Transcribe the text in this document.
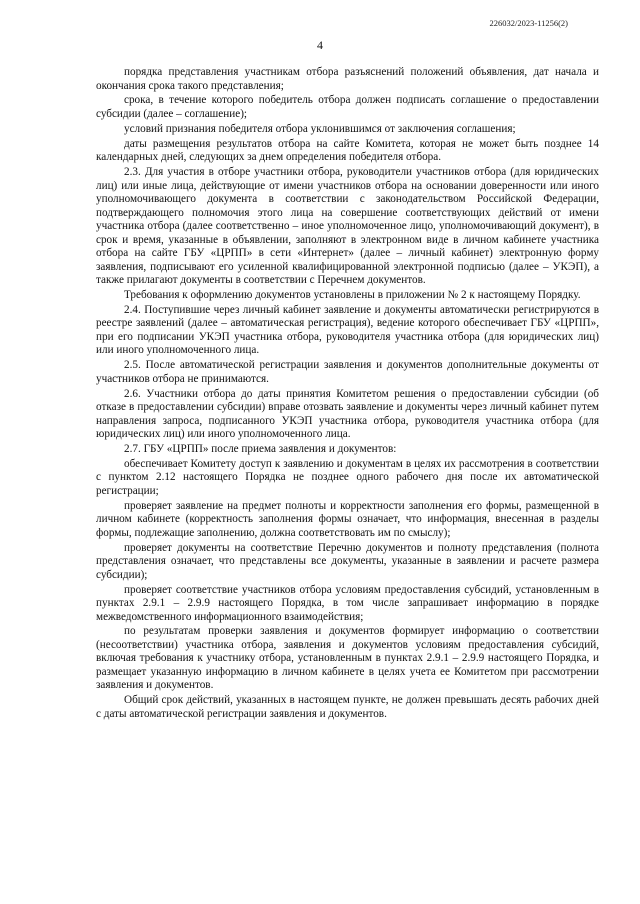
226032/2023-11256(2)
4

порядка представления участникам отбора разъяснений положений объявления, дат начала и окончания срока такого представления;

срока, в течение которого победитель отбора должен подписать соглашение о предоставлении субсидии (далее – соглашение);

условий признания победителя отбора уклонившимся от заключения соглашения;

даты размещения результатов отбора на сайте Комитета, которая не может быть позднее 14 календарных дней, следующих за днем определения победителя отбора.

2.3. Для участия в отборе участники отбора, руководители участников отбора (для юридических лиц) или иные лица, действующие от имени участников отбора на основании доверенности или иного уполномочивающего документа в соответствии с законодательством Российской Федерации, подтверждающего полномочия этого лица на совершение соответствующих действий от имени участника отбора (далее соответственно – иное уполномоченное лицо, уполномочивающий документ), в срок и время, указанные в объявлении, заполняют в электронном виде в личном кабинете участника отбора на сайте ГБУ «ЦРПП» в сети «Интернет» (далее – личный кабинет) электронную форму заявления, подписывают его усиленной квалифицированной электронной подписью (далее – УКЭП), а также прилагают документы в соответствии с Перечнем документов.

Требования к оформлению документов установлены в приложении № 2 к настоящему Порядку.

2.4. Поступившие через личный кабинет заявление и документы автоматически регистрируются в реестре заявлений (далее – автоматическая регистрация), ведение которого обеспечивает ГБУ «ЦРПП», при его подписании УКЭП участника отбора, руководителя участника отбора (для юридических лиц) или иного уполномоченного лица.

2.5. После автоматической регистрации заявления и документов дополнительные документы от участников отбора не принимаются.

2.6. Участники отбора до даты принятия Комитетом решения о предоставлении субсидии (об отказе в предоставлении субсидии) вправе отозвать заявление и документы через личный кабинет путем направления запроса, подписанного УКЭП участника отбора, руководителя участника отбора (для юридических лиц) или иного уполномоченного лица.

2.7. ГБУ «ЦРПП» после приема заявления и документов:

обеспечивает Комитету доступ к заявлению и документам в целях их рассмотрения в соответствии с пунктом 2.12 настоящего Порядка не позднее одного рабочего дня после их автоматической регистрации;

проверяет заявление на предмет полноты и корректности заполнения его формы, размещенной в личном кабинете (корректность заполнения формы означает, что информация, внесенная в разделы формы, подлежащие заполнению, должна соответствовать им по смыслу);

проверяет документы на соответствие Перечню документов и полноту представления (полнота представления означает, что представлены все документы, указанные в заявлении и расчете размера субсидии);

проверяет соответствие участников отбора условиям предоставления субсидий, установленным в пунктах 2.9.1 – 2.9.9 настоящего Порядка, в том числе запрашивает информацию в порядке межведомственного информационного взаимодействия;

по результатам проверки заявления и документов формирует информацию о соответствии (несоответствии) участника отбора, заявления и документов условиям предоставления субсидий, включая требования к участнику отбора, установленным в пунктах 2.9.1 – 2.9.9 настоящего Порядка, и размещает указанную информацию в личном кабинете в целях учета ее Комитетом при рассмотрении заявления и документов.

Общий срок действий, указанных в настоящем пункте, не должен превышать десять рабочих дней с даты автоматической регистрации заявления и документов.
